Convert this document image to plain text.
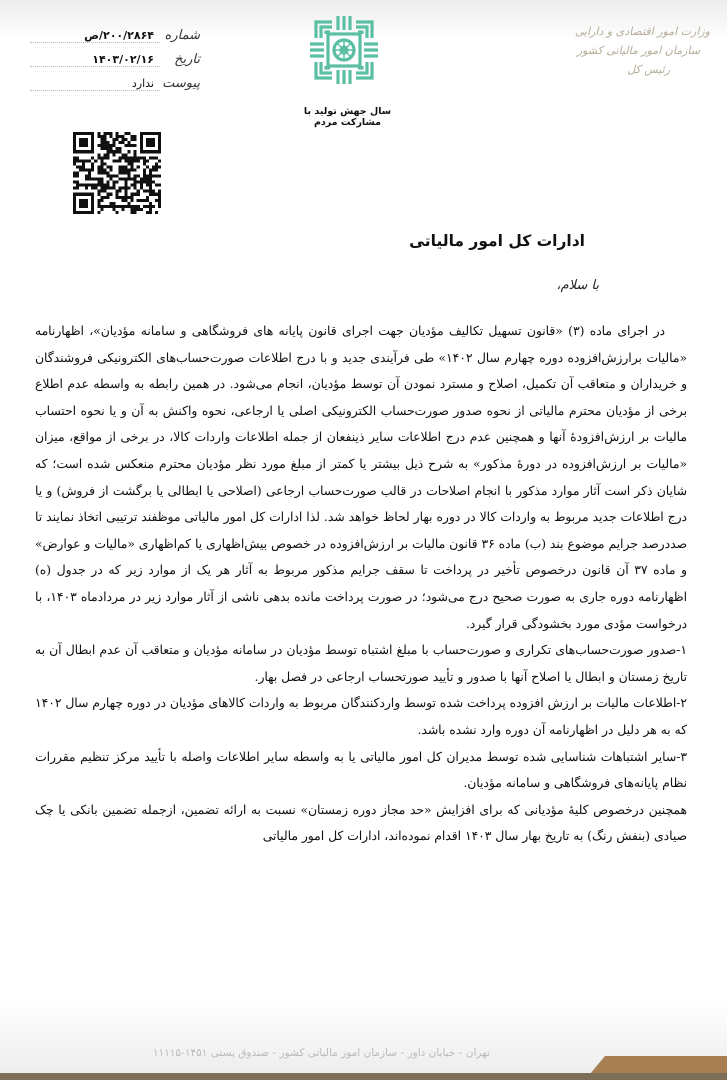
وزارت امور اقتصادی و دارایی
سازمان امور مالیاتی کشور
رئیس کل
سال جهش تولید با مشارکت مردم
شماره
۲۰۰/۲۸۶۴/ص
تاریخ
۱۴۰۳/۰۲/۱۶
پیوست
ندارد
ادارات کل امور مالیاتی
با سلام،

در اجرای ماده (۳) «قانون تسهیل تکالیف مؤدیان جهت اجرای قانون پایانه های فروشگاهی و سامانه مؤدیان»، اظهارنامه «مالیات برارزش‌افزوده دوره چهارم سال ۱۴۰۲» طی فرآیندی جدید و با درج اطلاعات صورت‌حساب‌های الکترونیکی فروشندگان و خریداران و متعاقب آن تکمیل، اصلاح و مسترد نمودن آن توسط مؤدیان، انجام می‌شود. در همین رابطه به واسطه عدم اطلاع برخی از مؤدیان محترم مالیاتی از نحوه صدور صورت‌حساب الکترونیکی اصلی یا ارجاعی، نحوه واکنش به آن و یا نحوه احتساب مالیات بر ارزش‌افزودهٔ آنها و همچنین عدم درج اطلاعات سایر ذینفعان از جمله اطلاعات واردات کالا، در برخی از مواقع، میزان «مالیات بر ارزش‌افزوده در دورهٔ مذکور» به شرح ذیل بیشتر یا کمتر از مبلغ مورد نظر مؤدیان محترم منعکس شده است؛ که شایان ذکر است آثار موارد مذکور با انجام اصلاحات در قالب صورت‌حساب ارجاعی (اصلاحی یا ابطالی یا برگشت از فروش) و یا درج اطلاعات جدید مربوط به واردات کالا در دوره بهار لحاظ خواهد شد. لذا ادارات کل امور مالیاتی موظفند ترتیبی اتخاذ نمایند تا صددرصد جرایم موضوع بند (ب) ماده ۳۶ قانون مالیات بر ارزش‌افزوده در خصوص بیش‌اظهاری یا کم‌اظهاری «مالیات و عوارض» و ماده ۳۷ آن قانون درخصوص تأخیر در پرداخت تا سقف جرایم مذکور مربوط به آثار هر یک از موارد زیر که در جدول (ه) اظهارنامه دوره جاری به صورت صحیح درج می‌شود؛ در صورت پرداخت مانده بدهی ناشی از آثار موارد زیر در مردادماه ۱۴۰۳، با درخواست مؤدی مورد بخشودگی قرار گیرد.

۱-صدور صورت‌حساب‌های تکراری و صورت‌حساب با مبلغ اشتباه توسط مؤدیان در سامانه مؤدیان و متعاقب آن عدم ابطال آن به تاریخ زمستان و ابطال یا اصلاح آنها با صدور و تأیید صورتحساب ارجاعی در فصل بهار.

۲-اطلاعات مالیات بر ارزش افزوده پرداخت شده توسط واردکنندگان مربوط به واردات کالاهای مؤدیان در دوره چهارم سال ۱۴۰۲ که به هر دلیل در اظهارنامه آن دوره وارد نشده باشد.

۳-سایر اشتباهات شناسایی شده توسط مدیران کل امور مالیاتی یا به واسطه سایر اطلاعات واصله با تأیید مرکز تنظیم مقررات نظام پایانه‌های فروشگاهی و سامانه مؤدیان.

همچنین درخصوص کلیهٔ مؤدیانی که برای افزایش «حد مجاز دوره زمستان» نسبت به ارائه تضمین، ازجمله تضمین بانکی یا چک صیادی (بنفش رنگ) به تاریخ بهار سال ۱۴۰۳ اقدام نموده‌اند، ادارات کل امور مالیاتی

تهران - خیابان داور - سازمان امور مالیاتی کشور - صندوق پستی ۱۴۵۱-۱۱۱۱۵
